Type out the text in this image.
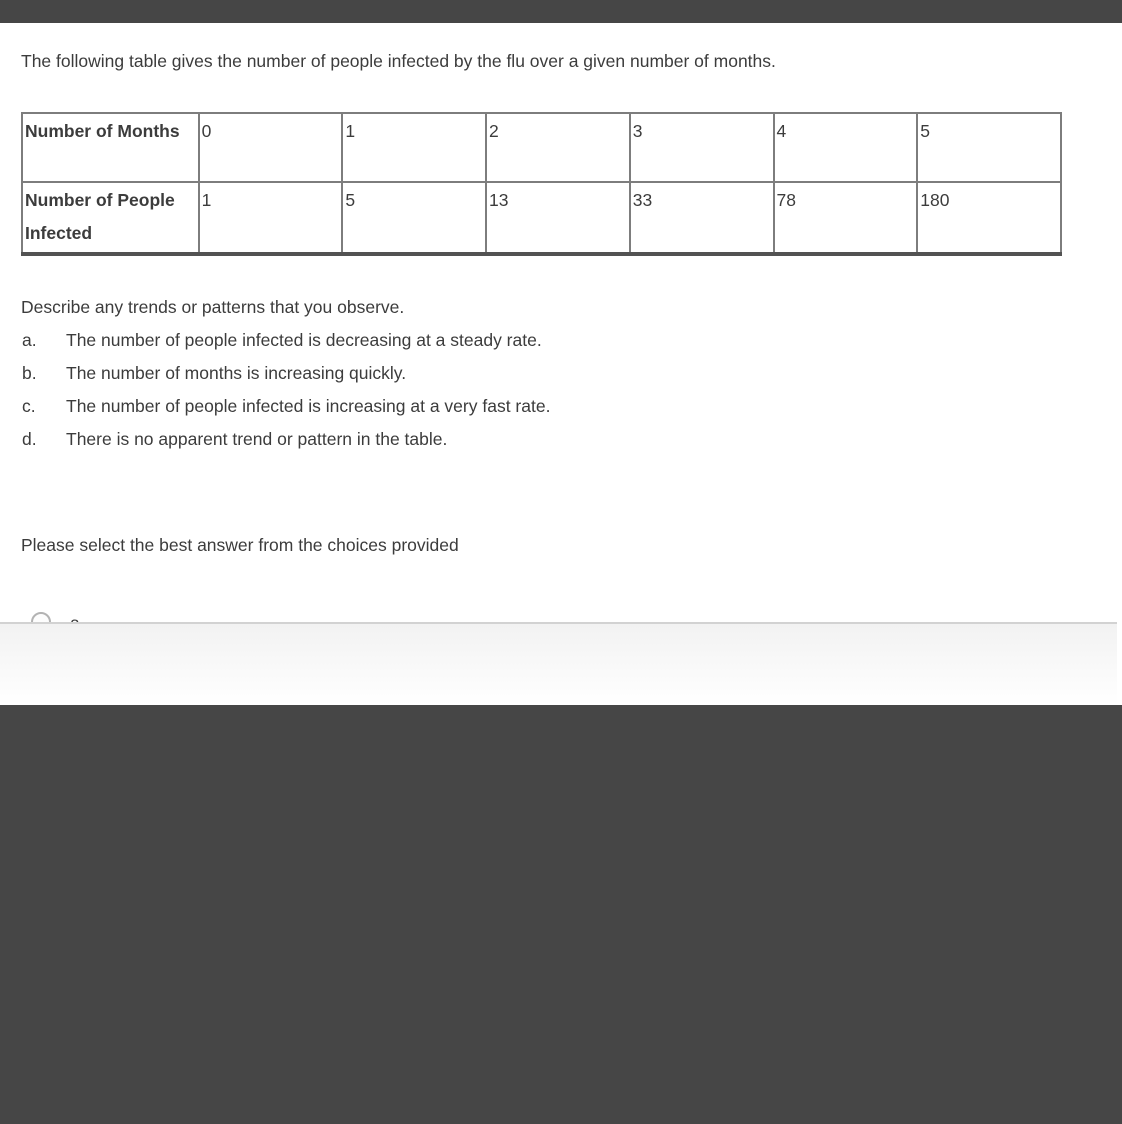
The following table gives the number of people infected by the flu over a given number of months.
Number of Months	0	1	2	3	4	5
Number of People Infected	1	5	13	33	78	180
Describe any trends or patterns that you observe.
a. The number of people infected is decreasing at a steady rate.
b. The number of months is increasing quickly.
c. The number of people infected is increasing at a very fast rate.
d. There is no apparent trend or pattern in the table.
Please select the best answer from the choices provided
